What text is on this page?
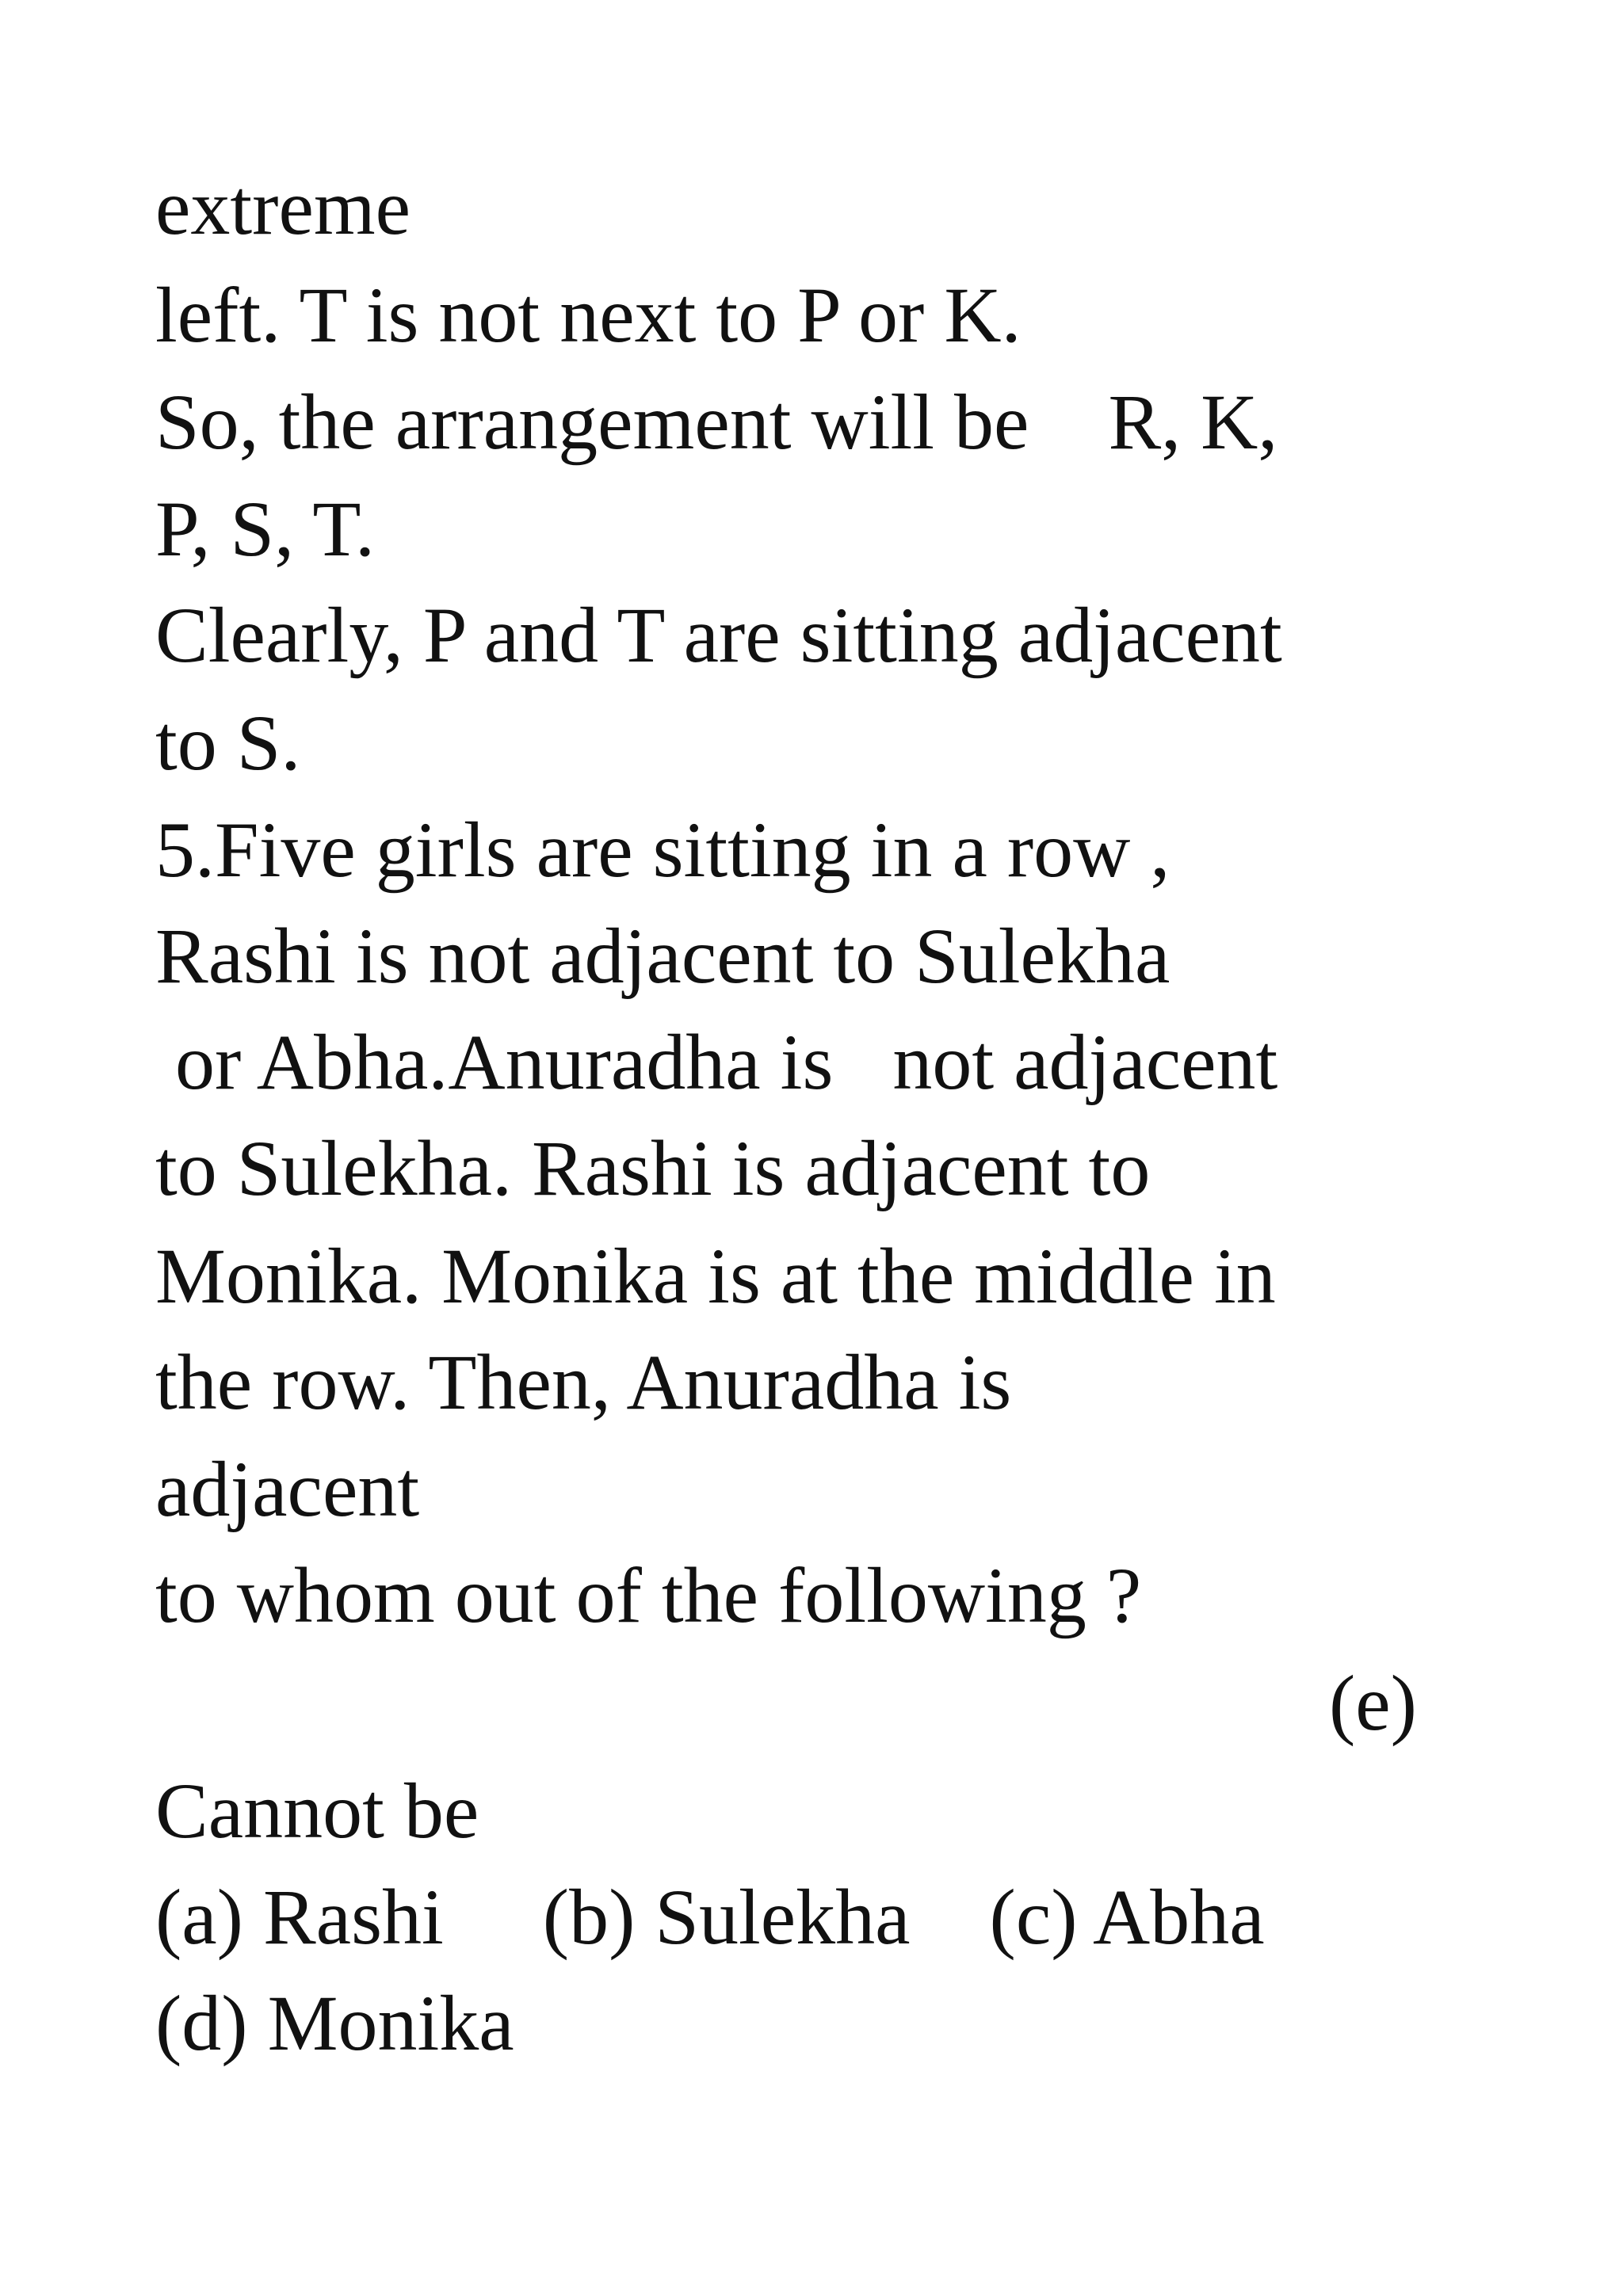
extreme

left. T is not next to P or K.

So, the arrangement will be    R, K,

P, S, T.

Clearly, P and T are sitting adjacent

to S.

5.Five girls are sitting in a row ,

Rashi is not adjacent to Sulekha

or Abha.Anuradha is   not adjacent

to Sulekha. Rashi is adjacent to

Monika. Monika is at the middle in

the row. Then, Anuradha is

adjacent

to whom out of the following ?

(e)

Cannot be

(a) Rashi     (b) Sulekha    (c) Abha

(d) Monika
